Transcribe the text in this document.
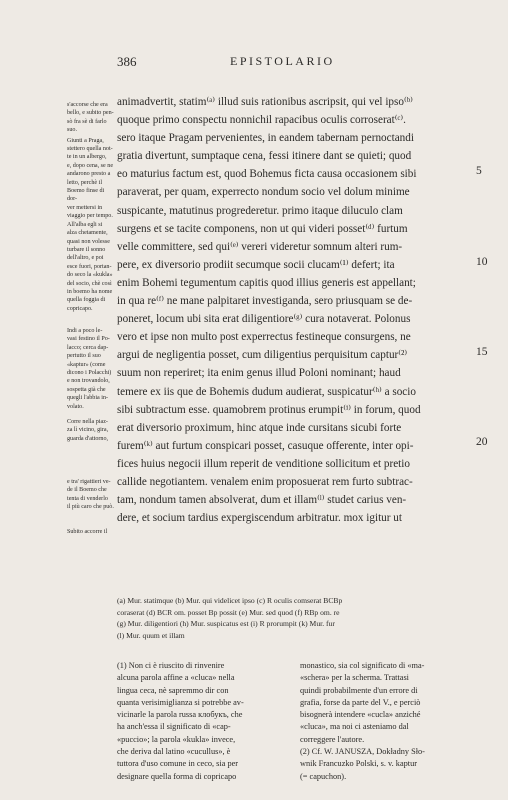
386	EPISTOLARIO
s'accorse che era
bello, e subito pen-
sò fra sè di farlo
suo.
Giunti a Praga,
stettero quella not-
te in un albergo,
e, dopo cena, se ne
andarono presto a
letto, perchè il
Boemo finse di dor-
ver mettersi in
viaggio per tempo.
All'alba egli si
alza chetamente,
quasi non volesse
turbare il sonno
dell'altro, e poi
esce fuori, portan-
do seco la «kukla»
del socio, chè così
in boemo ha nome
quella foggia di
copricapo.
Indi a poco le-
vasi festino il Po-
lacco; cerca dap-
pertutto il suo
«kaptur» (come
dicono i Polacchi)
e non trovandolo,
sospetta già che
quegli l'abbia in-
volato.
Corre nella piaz-
za lì vicino, gira,
guarda d'attorno,
e tra' rigattieri ve-
de il Boemo che
tenta di venderlo
il più caro che può.
Subito accorre il
animadvertit, statim⁽ᵃ⁾ illud suis rationibus ascripsit, qui vel ipso⁽ᵇ⁾
quoque primo conspectu nonnichil rapacibus oculis corroserat⁽ᶜ⁾.
sero itaque Pragam pervenientes, in eandem tabernam pernoctandi
gratia divertunt, sumptaque cena, fessi itinere dant se quieti; quod
eo maturius factum est, quod Bohemus ficta causa occasionem sibi
paraverat, per quam, experrecto nondum socio vel dolum minime
suspicante, matutinus progrederetur. primo itaque diluculo clam
surgens et se tacite componens, non ut qui videri posset⁽ᵈ⁾ furtum
velle committere, sed qui⁽ᵉ⁾ vereri videretur somnum alteri rum-
pere, ex diversorio prodiit secumque socii clucam⁽¹⁾ defert; ita
enim Bohemi tegumentum capitis quod illius generis est appellant;
in qua re⁽ᶠ⁾ ne mane palpitaret investiganda, sero priusquam se de-
poneret, locum ubi sita erat diligentiore⁽ᵍ⁾ cura notaverat. Polonus
vero et ipse non multo post experrectus festineque consurgens, ne
argui de negligentia posset, cum diligentius perquisitum captur⁽²⁾
suum non reperiret; ita enim genus illud Poloni nominant; haud
temere ex iis que de Bohemis dudum audierat, suspicatur⁽ʰ⁾ a socio
sibi subtractum esse. quamobrem protinus erumpit⁽ⁱ⁾ in forum, quod
erat diversorio proximum, hinc atque inde cursitans sicubi forte
furem⁽ᵏ⁾ aut furtum conspicari posset, casuque offerente, inter opi-
fices huius negocii illum reperit de venditione sollicitum et pretio
callide negotiantem. venalem enim proposuerat rem furto subtrac-
tam, nondum tamen absolverat, dum et illam⁽ˡ⁾ studet carius ven-
dere, et socium tardius expergiscendum arbitratur. mox igitur ut
5
10
15
20
(a) Mur. statimque (b) Mur. qui videlicet ipso (c) R oculis comserat BCBp
coraserat (d) BCR om. posset Bp possit (e) Mur. sed quod (f) RBp om. re
(g) Mur. diligentiori (h) Mur. suspicatus est (i) R prorumpit (k) Mur. fur
(l) Mur. quum et illam
(1) Non ci è riuscito di rinvenire
alcuna parola affine a «cluca» nella
lingua ceca, nè sapremmo dir con
quanta verisimiglianza si potrebbe av-
vicinarle la parola russa клобукъ, che
ha anch'essa il significato di «cap-
«puccio»; la parola «kukla» invece,
che deriva dal latino «cucullus», è
tuttora d'uso comune in ceco, sia per
designare quella forma di copricapo
monastico, sia col significato di «ma-
«schera» per la scherma. Trattasi
quindi probabilmente d'un errore di
grafia, forse da parte del V., e perciò
bisognerà intendere «cucla» anziché
«cluca», ma noi ci asteniamo dal
correggere l'autore.
(2) Cf. W. JANUSZA, Dokładny Sło-
wnik Francuzko Polski, s. v. kaptur
(= capuchon).
